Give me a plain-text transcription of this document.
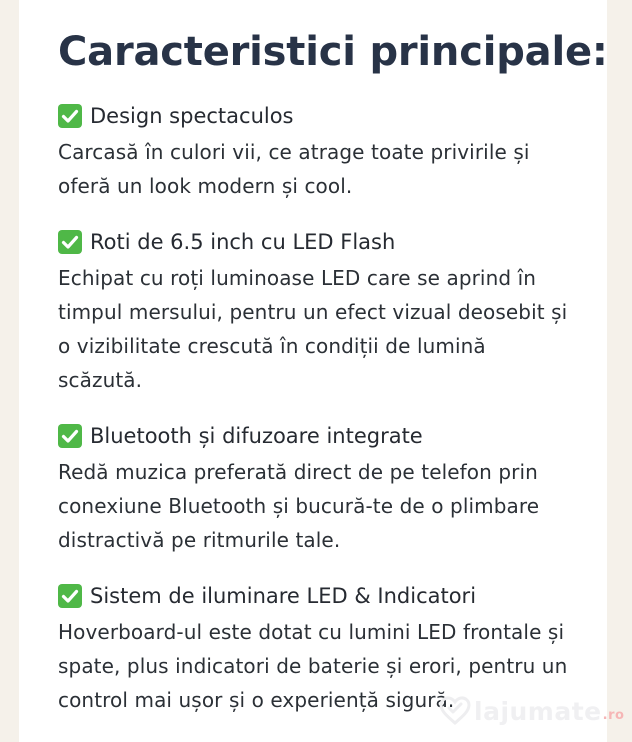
Caracteristici principale:
Design spectaculos

Carcasă în culori vii, ce atrage toate privirile și
oferă un look modern și cool.

Roti de 6.5 inch cu LED Flash

Echipat cu roți luminoase LED care se aprind în
timpul mersului, pentru un efect vizual deosebit și
o vizibilitate crescută în condiții de lumină
scăzută.

Bluetooth și difuzoare integrate

Redă muzica preferată direct de pe telefon prin
conexiune Bluetooth și bucură-te de o plimbare
distractivă pe ritmurile tale.

Sistem de iluminare LED & Indicatori

Hoverboard-ul este dotat cu lumini LED frontale și
spate, plus indicatori de baterie și erori, pentru un
control mai ușor și o experiență sigură. lajumate .ro
